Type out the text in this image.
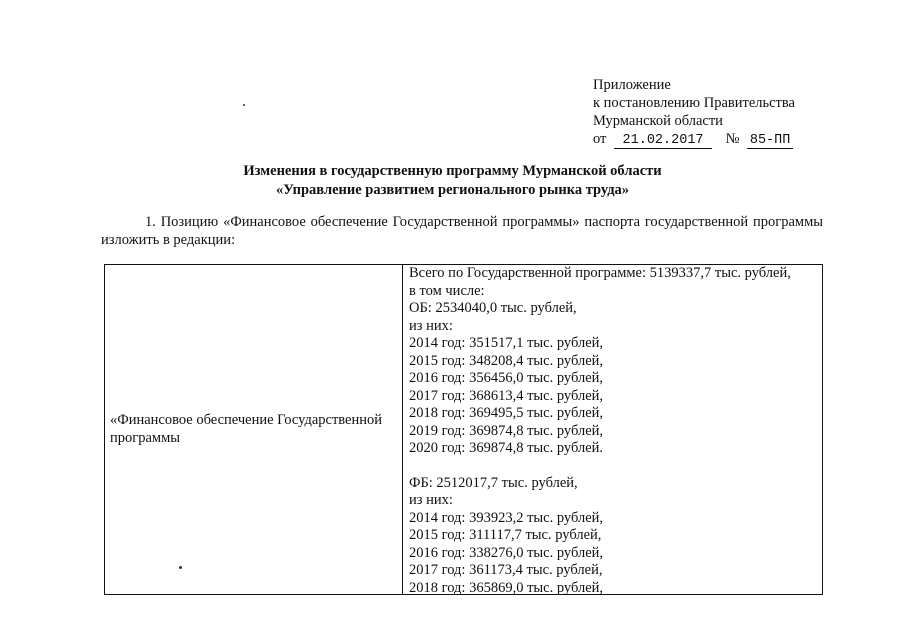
Приложение
к постановлению Правительства
Мурманской области
от 21.02.2017 № 85-ПП
Изменения в государственную программу Мурманской области
«Управление развитием регионального рынка труда»
1. Позицию «Финансовое обеспечение Государственной программы» паспорта государственной программы изложить в редакции:
«Финансовое обеспечение Государственной программы
Всего по Государственной программе: 5139337,7 тыс. рублей,
в том числе:
ОБ: 2534040,0 тыс. рублей,
из них:
2014 год: 351517,1 тыс. рублей,
2015 год: 348208,4 тыс. рублей,
2016 год: 356456,0 тыс. рублей,
2017 год: 368613,4 тыс. рублей,
2018 год: 369495,5 тыс. рублей,
2019 год: 369874,8 тыс. рублей,
2020 год: 369874,8 тыс. рублей.
ФБ: 2512017,7 тыс. рублей,
из них:
2014 год: 393923,2 тыс. рублей,
2015 год: 311117,7 тыс. рублей,
2016 год: 338276,0 тыс. рублей,
2017 год: 361173,4 тыс. рублей,
2018 год: 365869,0 тыс. рублей,
